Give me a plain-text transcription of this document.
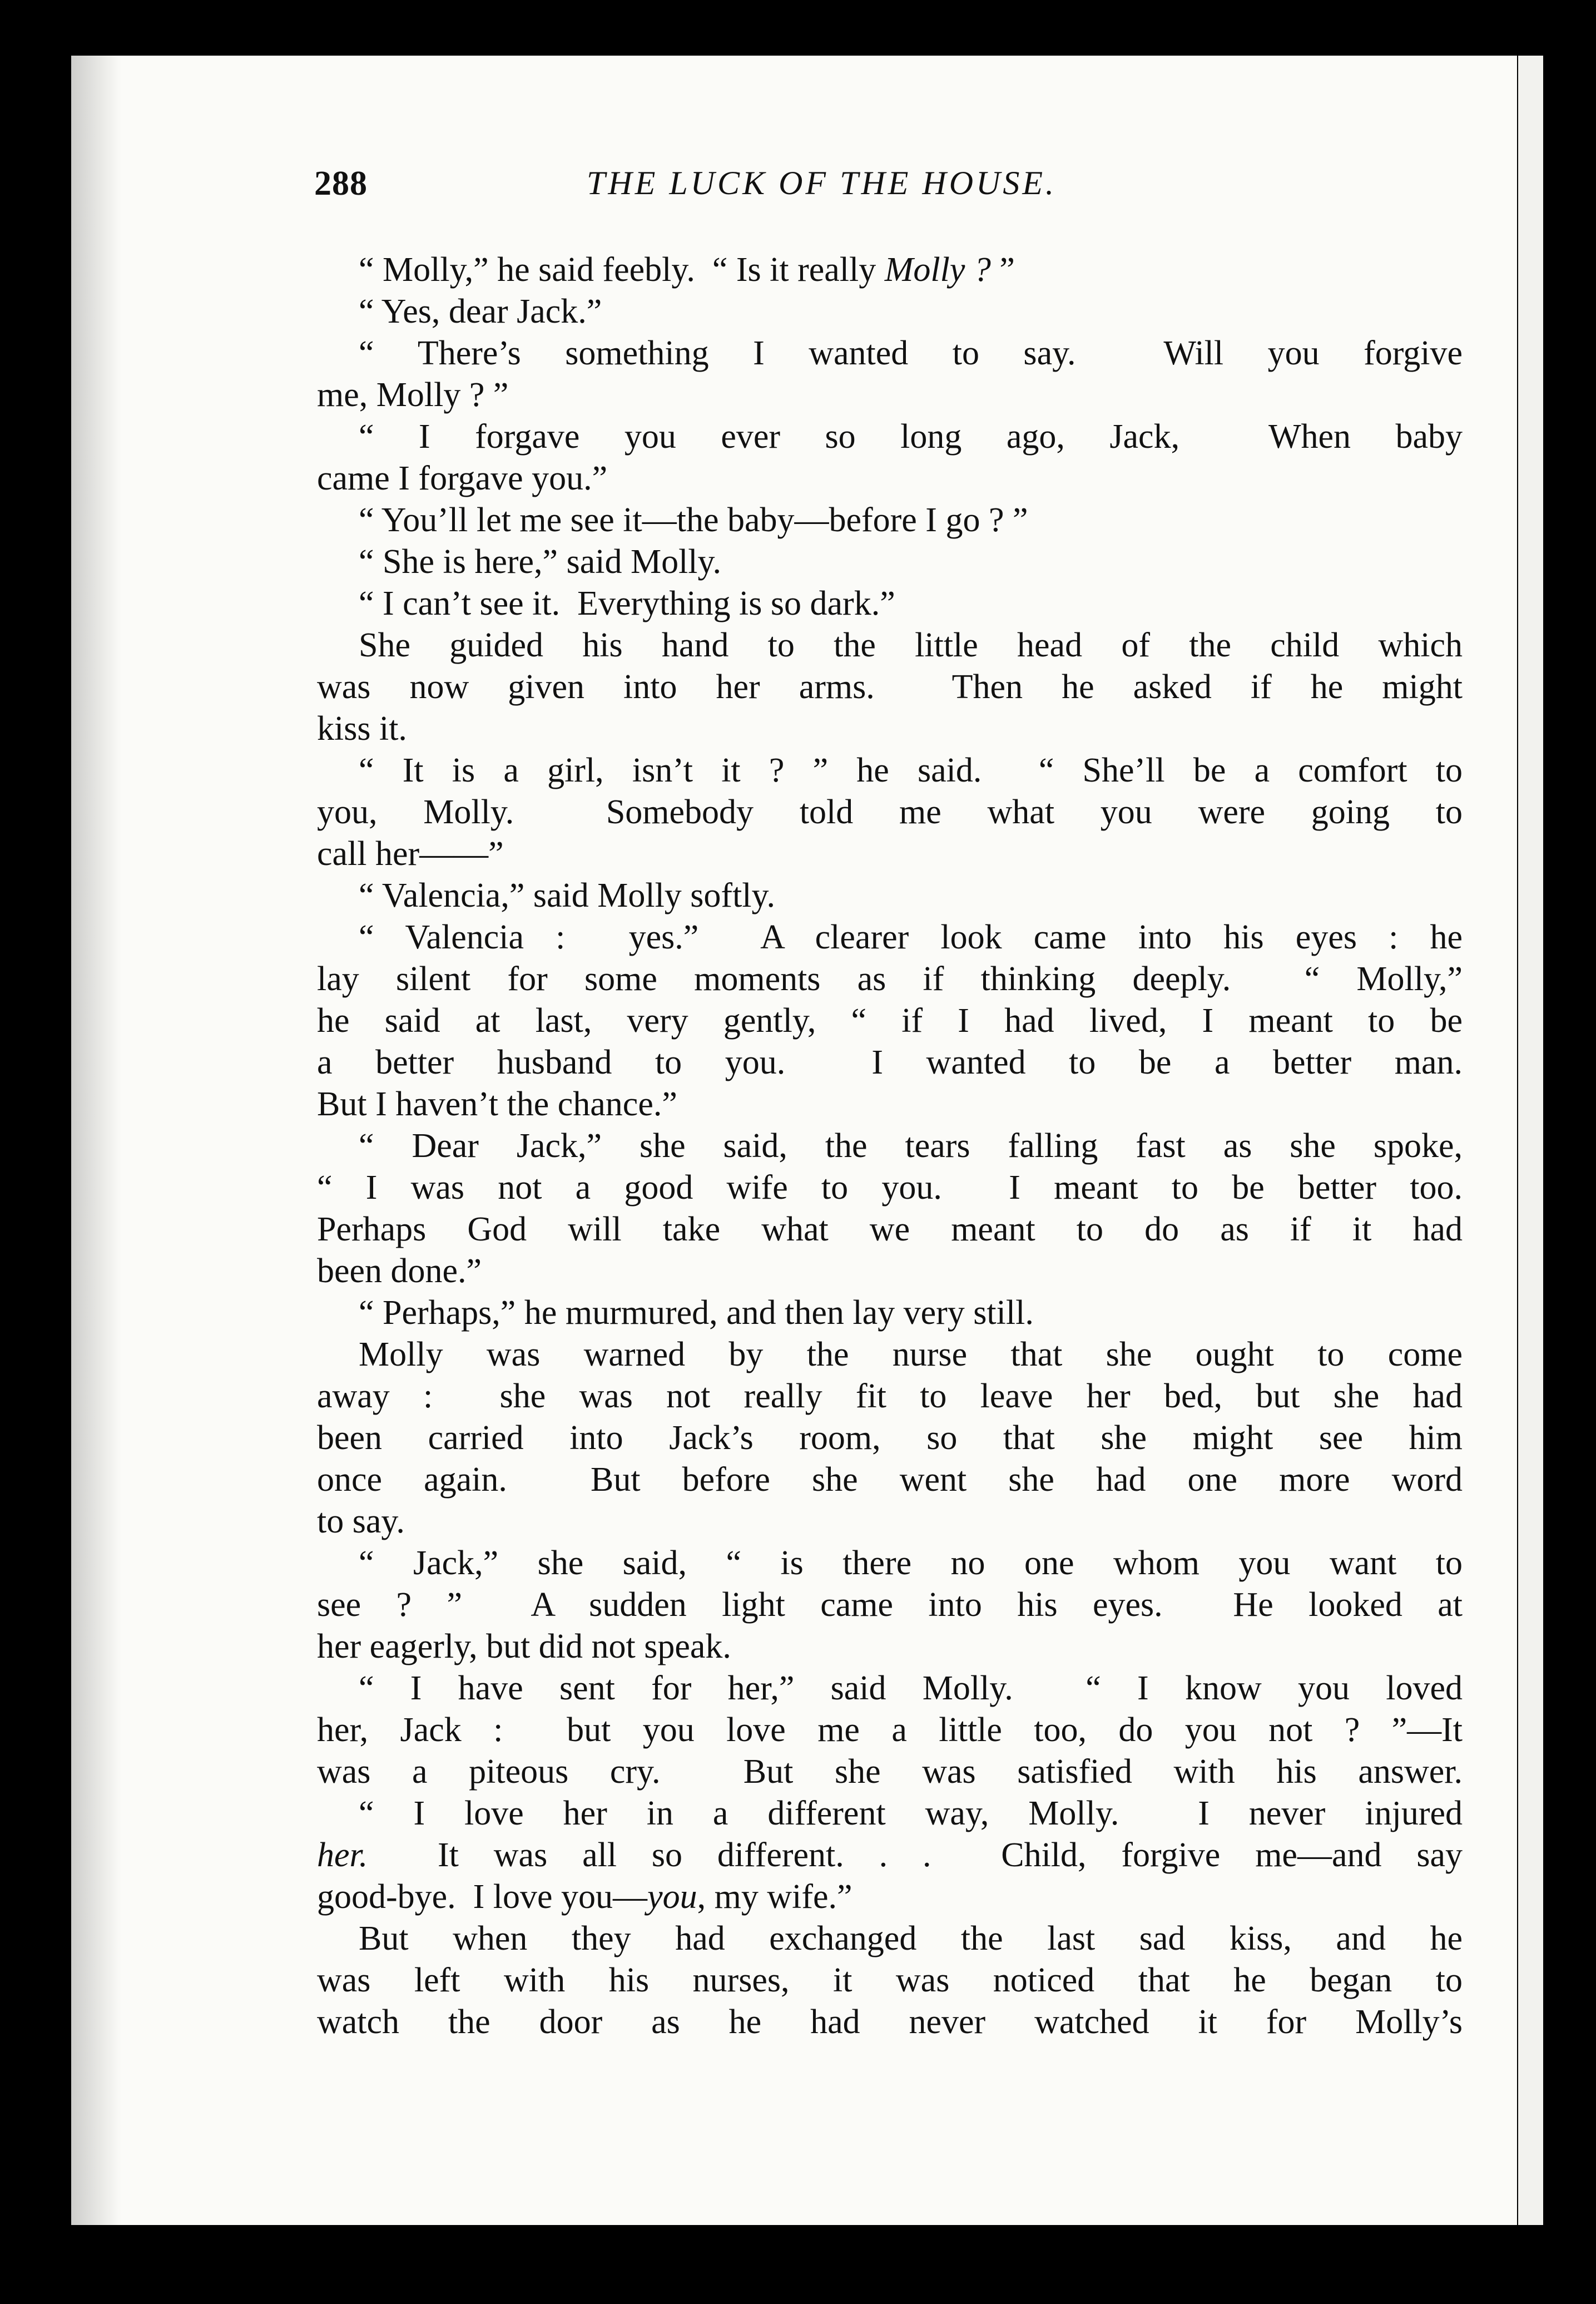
288	THE LUCK OF THE HOUSE.
“ Molly,” he said feebly.  “ Is it really Molly ? ”
“ Yes, dear Jack.”
“ There’s something I wanted to say.  Will you forgive
me, Molly ? ”
“ I forgave you ever so long ago, Jack,  When baby
came I forgave you.”
“ You’ll let me see it—the baby—before I go ? ”
“ She is here,” said Molly.
“ I can’t see it.  Everything is so dark.”
She guided his hand to the little head of the child which
was now given into her arms.  Then he asked if he might
kiss it.
“ It is a girl, isn’t it ? ” he said.  “ She’ll be a comfort to
you, Molly.  Somebody told me what you were going to
call her——”
“ Valencia,” said Molly softly.
“ Valencia :  yes.”  A clearer look came into his eyes : he
lay silent for some moments as if thinking deeply.  “ Molly,”
he said at last, very gently, “ if I had lived, I meant to be
a better husband to you.  I wanted to be a better man.
But I haven’t the chance.”
“ Dear Jack,” she said, the tears falling fast as she spoke,
“ I was not a good wife to you.  I meant to be better too.
Perhaps God will take what we meant to do as if it had
been done.”
“ Perhaps,” he murmured, and then lay very still.
Molly was warned by the nurse that she ought to come
away :  she was not really fit to leave her bed, but she had
been carried into Jack’s room, so that she might see him
once again.  But before she went she had one more word
to say.
“ Jack,” she said, “ is there no one whom you want to
see ? ”  A sudden light came into his eyes.  He looked at
her eagerly, but did not speak.
“ I have sent for her,” said Molly.  “ I know you loved
her, Jack :  but you love me a little too, do you not ? ”—It
was a piteous cry.  But she was satisfied with his answer.
“ I love her in a different way, Molly.  I never injured
her.  It was all so different. . .  Child, forgive me—and say
good-bye.  I love you—you, my wife.”
But when they had exchanged the last sad kiss, and he
was left with his nurses, it was noticed that he began to
watch the door as he had never watched it for Molly’s
